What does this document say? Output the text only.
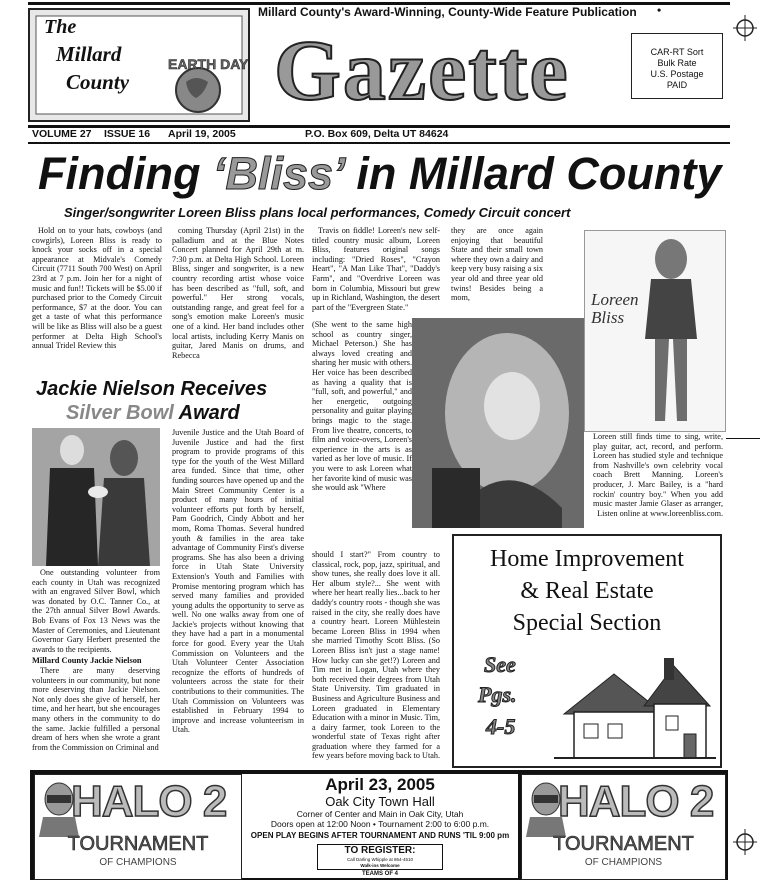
Millard County's Award-Winning, County-Wide Feature Publication •
The
Millard
County
EARTH DAY Gazette	CAR-RT Sort
Bulk Rate
U.S. Postage
PAID
VOLUME 27 ISSUE 16 April 19, 2005	P.O. Box 609, Delta UT 84624
Finding ‘Bliss’ in Millard County
Singer/songwriter Loreen Bliss plans local performances, Comedy Circuit concert
Hold on to your hats, cowboys (and cowgirls), Loreen Bliss is ready to knock your socks off in a special appearance at Midvale's Comedy Circuit (7711 South 700 West) on April 23rd at 7 p.m. Join her for a night of music and fun!! Tickets will be $5.00 if purchased prior to the Comedy Circuit performance, $7 at the door. You can get a taste of what this performance will be like as Bliss will also be a guest performer at Delta High School's annual Tridel Review this
coming Thursday (April 21st) in the palladium and at the Blue Notes Concert planned for April 29th at m. 7:30 p.m. at Delta High School. Loreen Bliss, singer and songwriter, is a new country recording artist whose voice has been described as "full, soft, and powerful." Her strong vocals, outstanding range, and great feel for a song's emotion make Loreen's music one of a kind. Her band includes other local artists, including Kerry Manis on guitar, Jared Manis on drums, and Rebecca
Travis on fiddle! Loreen's new self-titled country music album, Loreen Bliss, features original songs including: "Dried Roses", "Crayon Heart", "A Man Like That", "Daddy's Farm", and "Overdrive Loreen was born in Columbia, Missouri but grew up in Richland, Washington, the desert part of the "Evergreen State."
(She went to the same high school as country singer, Michael Peterson.) She has always loved creating and sharing her music with others. Her voice has been described as having a quality that is "full, soft, and powerful," and her energetic, outgoing personality and guitar playing brings magic to the stage. From live theatre, concerts, to film and voice-overs, Loreen's experience in the arts is as varied as her love of music. If you were to ask Loreen what her favorite kind of music was she would ask "Where
should I start?" From country to classical, rock, pop, jazz, spiritual, and show tunes, she really does love it all. Her album style?... She went with where her heart really lies...back to her daddy's country roots - though she was raised in the city, she really does have a country heart. Loreen Mühlestein became Loreen Bliss in 1994 when she married Timothy Scott Bliss. (So Loreen Bliss isn't just a stage name! How lucky can she get!?) Loreen and Tim met in Logan, Utah where they both received their degrees from Utah State University. Tim graduated in Business and Agriculture Business and Loreen graduated in Elementary Education with a minor in Music. Tim, a dairy farmer, took Loreen to the wonderful state of Texas right after graduation where they farmed for a few years before moving back to Utah.
they are once again enjoying that beautiful State and their small town where they own a dairy and keep very busy raising a six year old and three year old twins! Besides being a mom,
Loreen still finds time to sing, write, play guitar, act, record, and perform. Loreen has studied style and technique from Nashville's own celebrity vocal coach Brett Manning. Loreen's producer, J. Marc Bailey, is a "hard rockin' country boy." When you add music master Jamie Glaser as arranger,
Listen online at www.loreenbliss.com.
Loreen Bliss
Jackie Nielson Receives
Silver Bowl Award
One outstanding volunteer from each county in Utah was recognized with an engraved Silver Bowl, which was donated by O.C. Tanner Co., at the 27th annual Silver Bowl Awards. Bob Evans of Fox 13 News was the Master of Ceremonies, and Lieutenant Governor Gary Herbert presented the awards to the recipients.
Millard County Jackie Nielson
There are many deserving volunteers in our community, but none more deserving than Jackie Nielson. Not only does she give of herself, her time, and her heart, but she encourages many others in the community to do the same. Jackie fulfilled a personal dream of hers when she wrote a grant from the Commission on Criminal and
Juvenile Justice and the Utah Board of Juvenile Justice and had the first program to provide programs of this type for the youth of the West Millard area funded. Since that time, other funding sources have opened up and the Main Street Community Center is a product of many hours of initial volunteer efforts put forth by herself, Pam Goodrich, Cindy Abbott and her mom, Roma Thomas. Several hundred youth & families in the area take advantage of Community First's diverse programs. She has also been a driving force in Utah State University Extension's Youth and Families with Promise mentoring program which has served many families and provided young adults the opportunity to serve as well. No one walks away from one of Jackie's projects without knowing that they have had a part in a monumental force for good. Every year the Utah Commission on Volunteers and the Utah Volunteer Center Association recognize the efforts of hundreds of volunteers across the state for their contributions to their communities. The Utah Commission on Volunteers was established in February 1994 to improve and increase volunteerism in Utah.
Home Improvement
& Real Estate
Special Section
See
Pgs.
4-5
HALO 2
TOURNAMENT
OF CHAMPIONS
April 23, 2005
Oak City Town Hall
Corner of Center and Main in Oak City, Utah
Doors open at 12:00 Noon • Tournament 2:00 to 6:00 p.m.
OPEN PLAY BEGINS AFTER TOURNAMENT AND RUNS 'TIL 9:00 pm
TO REGISTER:
Call Darling Whipple at 864-4510
Walk-ins Welcome
TEAMS OF 4
HALO 2
TOURNAMENT
OF CHAMPIONS
